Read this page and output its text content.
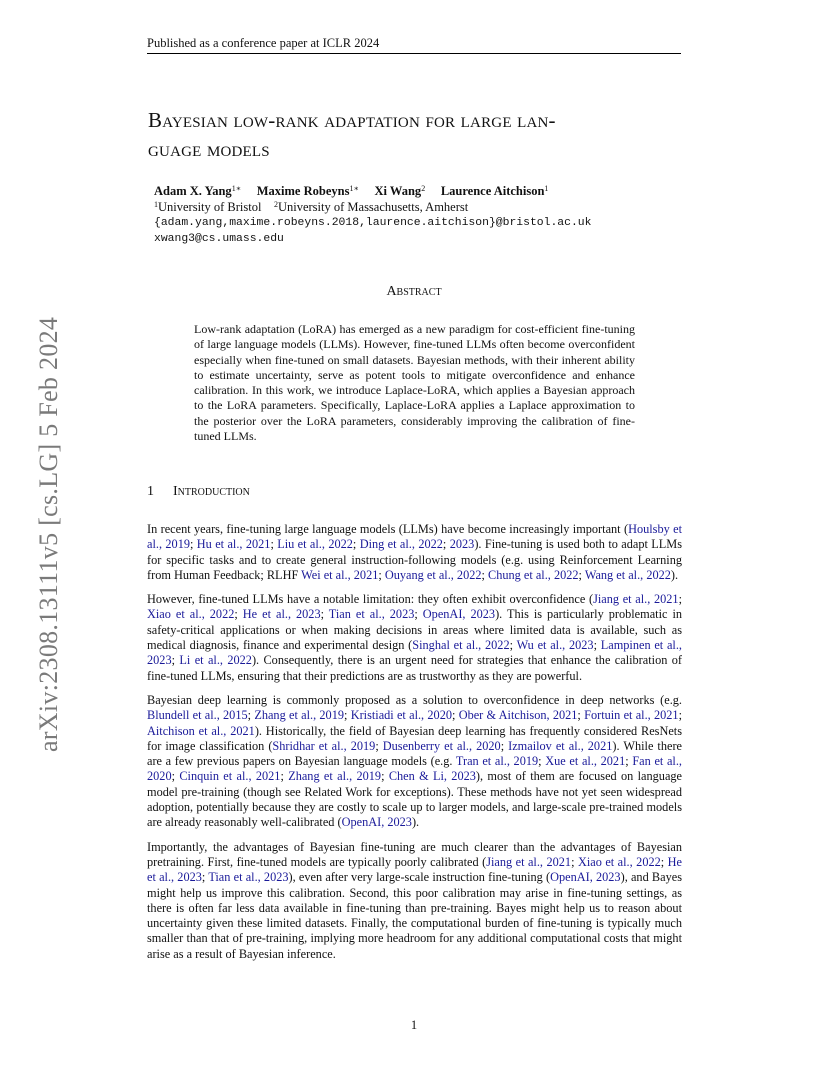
Published as a conference paper at ICLR 2024
arXiv:2308.13111v5 [cs.LG] 5 Feb 2024
Bayesian low-rank adaptation for large lan-
guage models
Adam X. Yang$^{1∗}$ Maxime Robeyns$^{1∗}$ Xi Wang$^2$ Laurence Aitchison$^1$
$^1$University of Bristol $^2$University of Massachusetts, Amherst
{adam.yang,maxime.robeyns.2018,laurence.aitchison}@bristol.ac.uk
xwang3@cs.umass.edu
Abstract
Low-rank adaptation (LoRA) has emerged as a new paradigm for cost-efficient fine-tuning of large language models (LLMs). However, fine-tuned LLMs often become overconfident especially when fine-tuned on small datasets. Bayesian methods, with their inherent ability to estimate uncertainty, serve as potent tools to mitigate overconfidence and enhance calibration. In this work, we introduce Laplace-LoRA, which applies a Bayesian approach to the LoRA parameters. Specifically, Laplace-LoRA applies a Laplace approximation to the posterior over the LoRA parameters, considerably improving the calibration of fine-tuned LLMs.
1 Introduction

In recent years, fine-tuning large language models (LLMs) have become increasingly important (Houlsby et al., 2019; Hu et al., 2021; Liu et al., 2022; Ding et al., 2022; 2023). Fine-tuning is used both to adapt LLMs for specific tasks and to create general instruction-following models (e.g. using Reinforcement Learning from Human Feedback; RLHF Wei et al., 2021; Ouyang et al., 2022; Chung et al., 2022; Wang et al., 2022).

However, fine-tuned LLMs have a notable limitation: they often exhibit overconfidence (Jiang et al., 2021; Xiao et al., 2022; He et al., 2023; Tian et al., 2023; OpenAI, 2023). This is particularly problematic in safety-critical applications or when making decisions in areas where limited data is available, such as medical diagnosis, finance and experimental design (Singhal et al., 2022; Wu et al., 2023; Lampinen et al., 2023; Li et al., 2022). Consequently, there is an urgent need for strategies that enhance the calibration of fine-tuned LLMs, ensuring that their predictions are as trustworthy as they are powerful.

Bayesian deep learning is commonly proposed as a solution to overconfidence in deep networks (e.g. Blundell et al., 2015; Zhang et al., 2019; Kristiadi et al., 2020; Ober & Aitchison, 2021; Fortuin et al., 2021; Aitchison et al., 2021). Historically, the field of Bayesian deep learning has frequently considered ResNets for image classification (Shridhar et al., 2019; Dusenberry et al., 2020; Izmailov et al., 2021). While there are a few previous papers on Bayesian language models (e.g. Tran et al., 2019; Xue et al., 2021; Fan et al., 2020; Cinquin et al., 2021; Zhang et al., 2019; Chen & Li, 2023), most of them are focused on language model pre-training (though see Related Work for exceptions). These methods have not yet seen widespread adoption, potentially because they are costly to scale up to larger models, and large-scale pre-trained models are already reasonably well-calibrated (OpenAI, 2023).

Importantly, the advantages of Bayesian fine-tuning are much clearer than the advantages of Bayesian pretraining. First, fine-tuned models are typically poorly calibrated (Jiang et al., 2021; Xiao et al., 2022; He et al., 2023; Tian et al., 2023), even after very large-scale instruction fine-tuning (OpenAI, 2023), and Bayes might help us improve this calibration. Second, this poor calibration may arise in fine-tuning settings, as there is often far less data available in fine-tuning than pre-training. Bayes might help us to reason about uncertainty given these limited datasets. Finally, the computational burden of fine-tuning is typically much smaller than that of pre-training, implying more headroom for any additional computational costs that might arise as a result of Bayesian inference.

1
